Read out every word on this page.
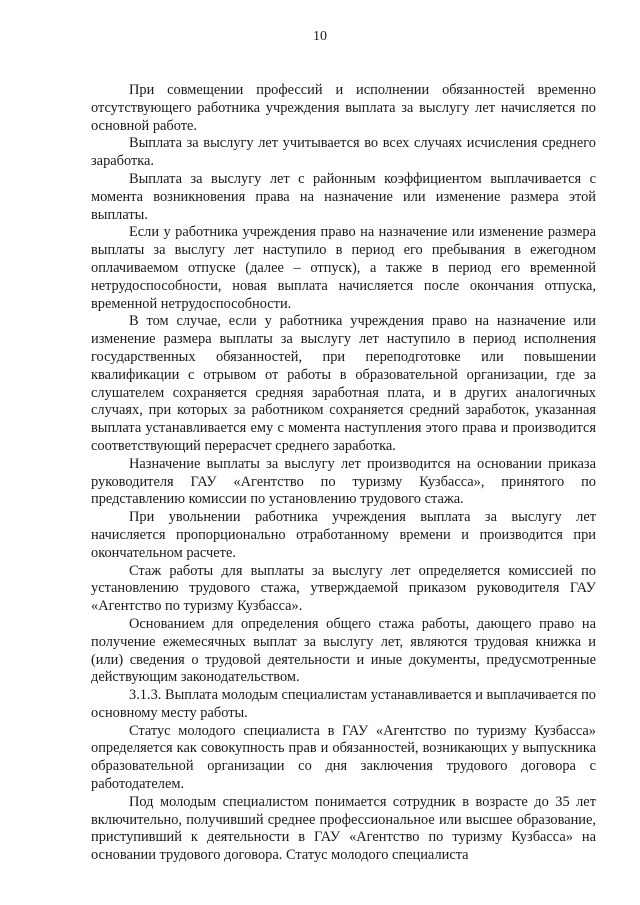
10

При совмещении профессий и исполнении обязанностей временно отсутствующего работника учреждения выплата за выслугу лет начисляется по основной работе.

Выплата за выслугу лет учитывается во всех случаях исчисления среднего заработка.

Выплата за выслугу лет с районным коэффициентом выплачивается с момента возникновения права на назначение или изменение размера этой выплаты.

Если у работника учреждения право на назначение или изменение размера выплаты за выслугу лет наступило в период его пребывания в ежегодном оплачиваемом отпуске (далее – отпуск), а также в период его временной нетрудоспособности, новая выплата начисляется после окончания отпуска, временной нетрудоспособности.

В том случае, если у работника учреждения право на назначение или изменение размера выплаты за выслугу лет наступило в период исполнения государственных обязанностей, при переподготовке или повышении квалификации с отрывом от работы в образовательной организации, где за слушателем сохраняется средняя заработная плата, и в других аналогичных случаях, при которых за работником сохраняется средний заработок, указанная выплата устанавливается ему с момента наступления этого права и производится соответствующий перерасчет среднего заработка.

Назначение выплаты за выслугу лет производится на основании приказа руководителя ГАУ «Агентство по туризму Кузбасса», принятого по представлению комиссии по установлению трудового стажа.

При увольнении работника учреждения выплата за выслугу лет начисляется пропорционально отработанному времени и производится при окончательном расчете.

Стаж работы для выплаты за выслугу лет определяется комиссией по установлению трудового стажа, утверждаемой приказом руководителя ГАУ «Агентство по туризму Кузбасса».

Основанием для определения общего стажа работы, дающего право на получение ежемесячных выплат за выслугу лет, являются трудовая книжка и (или) сведения о трудовой деятельности и иные документы, предусмотренные действующим законодательством.

3.1.3. Выплата молодым специалистам устанавливается и выплачивается по основному месту работы.

Статус молодого специалиста в ГАУ «Агентство по туризму Кузбасса» определяется как совокупность прав и обязанностей, возникающих у выпускника образовательной организации со дня заключения трудового договора с работодателем.

Под молодым специалистом понимается сотрудник в возрасте до 35 лет включительно, получивший среднее профессиональное или высшее образование, приступивший к деятельности в ГАУ «Агентство по туризму Кузбасса» на основании трудового договора. Статус молодого специалиста
